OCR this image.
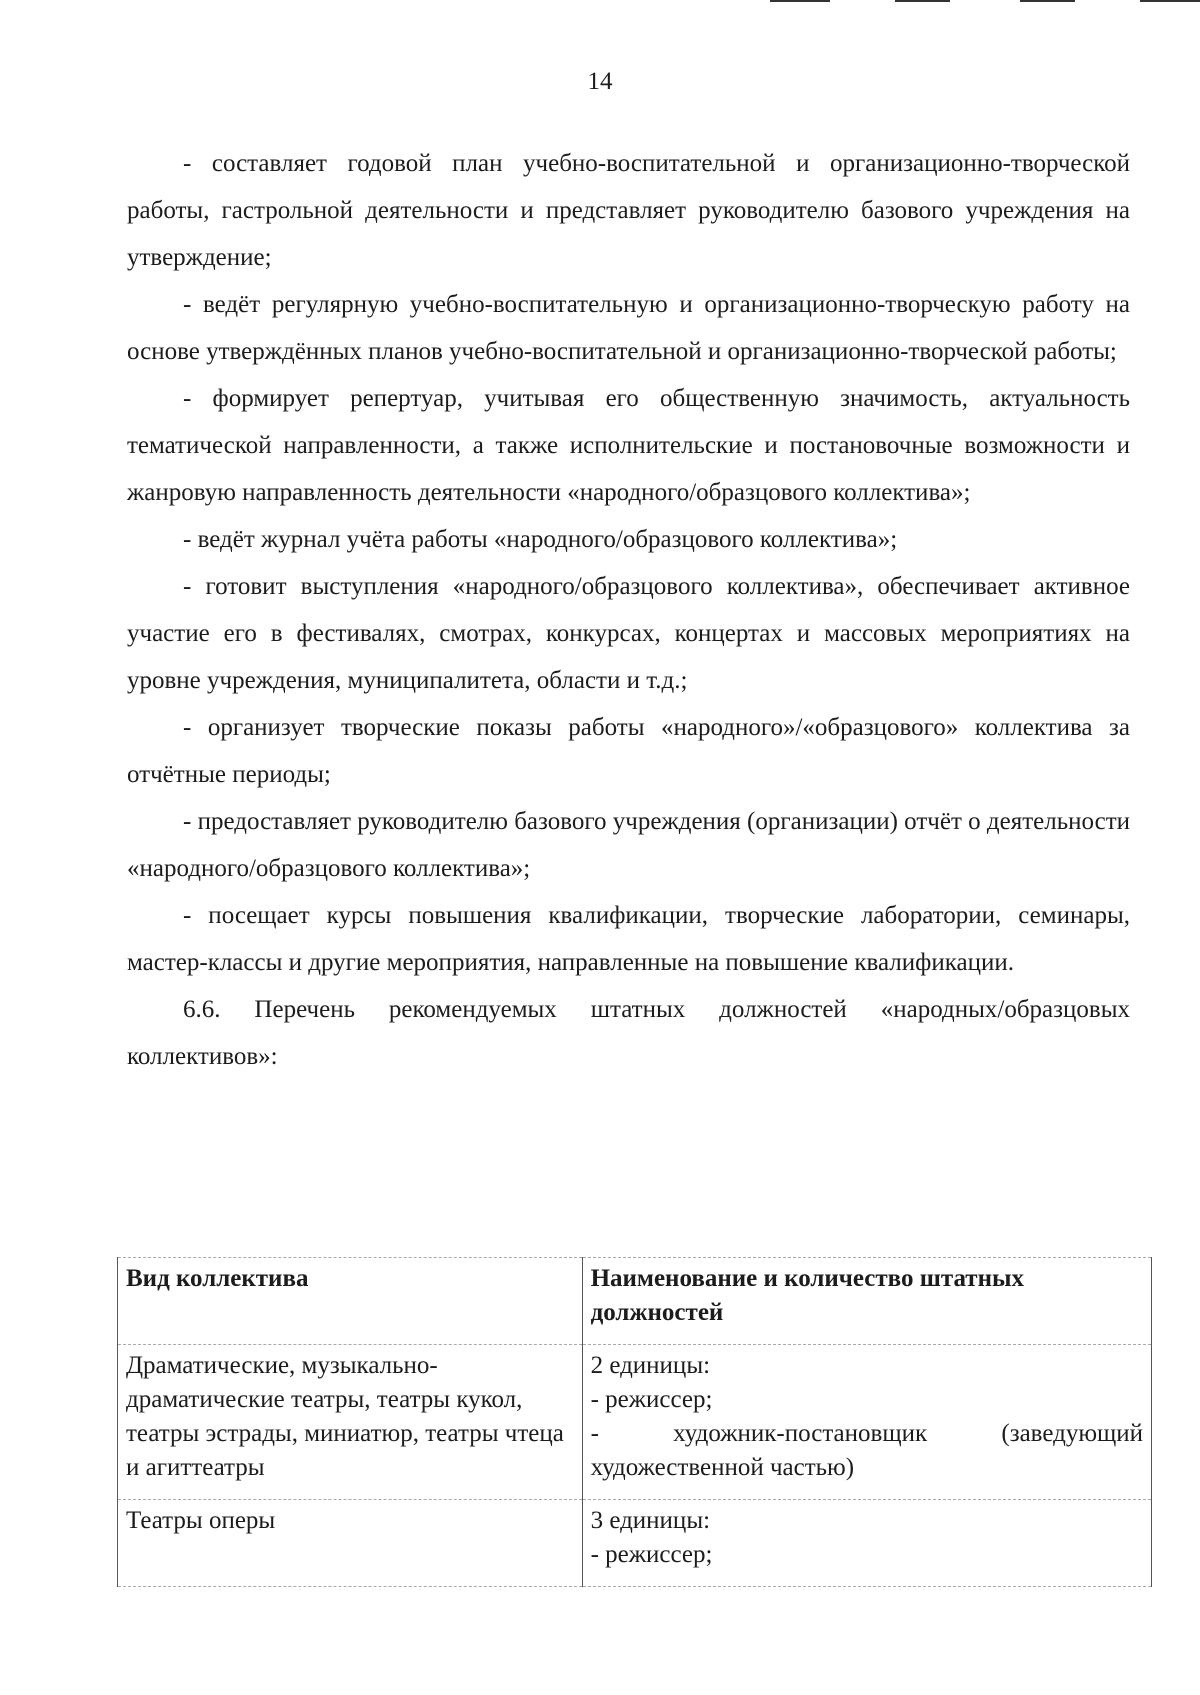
14

- составляет годовой план учебно-воспитательной и организационно-творческой работы, гастрольной деятельности и представляет руководителю базового учреждения на утверждение;

- ведёт регулярную учебно-воспитательную и организационно-творческую работу на основе утверждённых планов учебно-воспитательной и организационно-творческой работы;

- формирует репертуар, учитывая его общественную значимость, актуальность тематической направленности, а также исполнительские и постановочные возможности и жанровую направленность деятельности «народного/образцового коллектива»;

- ведёт журнал учёта работы «народного/образцового коллектива»;

- готовит выступления «народного/образцового коллектива», обеспечивает активное участие его в фестивалях, смотрах, конкурсах, концертах и массовых мероприятиях на уровне учреждения, муниципалитета, области и т.д.;

- организует творческие показы работы «народного»/«образцового» коллектива за отчётные периоды;

- предоставляет руководителю базового учреждения (организации) отчёт о деятельности «народного/образцового коллектива»;

- посещает курсы повышения квалификации, творческие лаборатории, семинары, мастер-классы и другие мероприятия, направленные на повышение квалификации.

6.6. Перечень рекомендуемых штатных должностей «народных/образцовых коллективов»:

Вид коллектива	Наименование и количество штатных должностей
Драматические, музыкально-драматические театры, театры кукол, театры эстрады, миниатюр, театры чтеца и агиттеатры	2 единицы:
- режиссер;
- художник-постановщик (заведующий художественной частью)

Театры оперы	3 единицы:
- режиссер;
